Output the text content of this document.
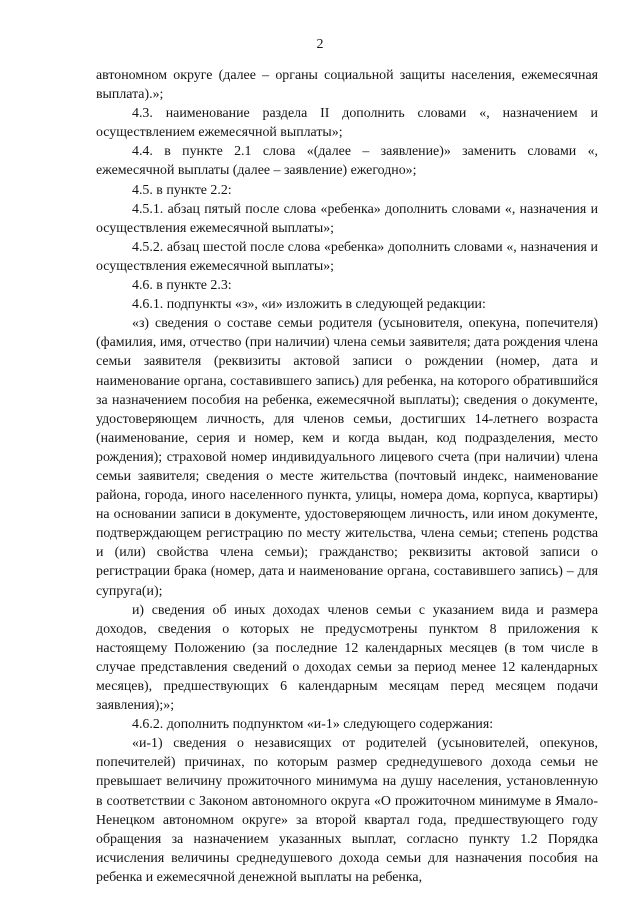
2

автономном округе (далее – органы социальной защиты населения, ежемесячная выплата).»;

4.3. наименование раздела II дополнить словами «, назначением и осуществлением ежемесячной выплаты»;

4.4. в пункте 2.1 слова «(далее – заявление)» заменить словами «, ежемесячной выплаты (далее – заявление) ежегодно»;

4.5. в пункте 2.2:

4.5.1. абзац пятый после слова «ребенка» дополнить словами «, назначения и осуществления ежемесячной выплаты»;

4.5.2. абзац шестой после слова «ребенка» дополнить словами «, назначения и осуществления ежемесячной выплаты»;

4.6. в пункте 2.3:

4.6.1. подпункты «з», «и» изложить в следующей редакции:

«з) сведения о составе семьи родителя (усыновителя, опекуна, попечителя) (фамилия, имя, отчество (при наличии) члена семьи заявителя; дата рождения члена семьи заявителя (реквизиты актовой записи о рождении (номер, дата и наименование органа, составившего запись) для ребенка, на которого обратившийся за назначением пособия на ребенка, ежемесячной выплаты); сведения о документе, удостоверяющем личность, для членов семьи, достигших 14-летнего возраста (наименование, серия и номер, кем и когда выдан, код подразделения, место рождения); страховой номер индивидуального лицевого счета (при наличии) члена семьи заявителя; сведения о месте жительства (почтовый индекс, наименование района, города, иного населенного пункта, улицы, номера дома, корпуса, квартиры) на основании записи в документе, удостоверяющем личность, или ином документе, подтверждающем регистрацию по месту жительства, члена семьи; степень родства и (или) свойства члена семьи); гражданство; реквизиты актовой записи о регистрации брака (номер, дата и наименование органа, составившего запись) – для супруга(и);

и) сведения об иных доходах членов семьи с указанием вида и размера доходов, сведения о которых не предусмотрены пунктом 8 приложения к настоящему Положению (за последние 12 календарных месяцев (в том числе в случае представления сведений о доходах семьи за период менее 12 календарных месяцев), предшествующих 6 календарным месяцам перед месяцем подачи заявления);»;

4.6.2. дополнить подпунктом «и-1» следующего содержания:

«и-1) сведения о независящих от родителей (усыновителей, опекунов, попечителей) причинах, по которым размер среднедушевого дохода семьи не превышает величину прожиточного минимума на душу населения, установленную в соответствии с Законом автономного округа «О прожиточном минимуме в Ямало-Ненецком автономном округе» за второй квартал года, предшествующего году обращения за назначением указанных выплат, согласно пункту 1.2 Порядка исчисления величины среднедушевого дохода семьи для назначения пособия на ребенка и ежемесячной денежной выплаты на ребенка,
